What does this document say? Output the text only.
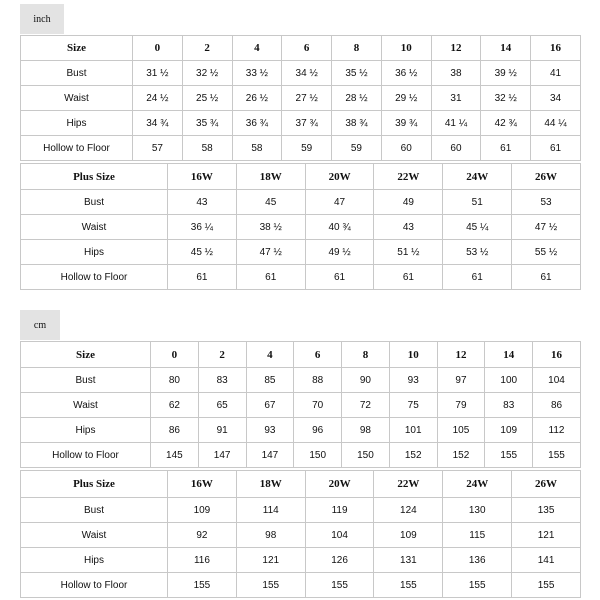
inch
Size	0	2	4	6	8	10	12	14	16
Bust	31 ½	32 ½	33 ½	34 ½	35 ½	36 ½	38	39 ½	41
Waist	24 ½	25 ½	26 ½	27 ½	28 ½	29 ½	31	32 ½	34
Hips	34 ¾	35 ¾	36 ¾	37 ¾	38 ¾	39 ¾	41 ¼	42 ¾	44 ¼
Hollow to Floor	57	58	58	59	59	60	60	61	61
Plus Size	16W	18W	20W	22W	24W	26W
Bust	43	45	47	49	51	53
Waist	36 ¼	38 ½	40 ¾	43	45 ¼	47 ½
Hips	45 ½	47 ½	49 ½	51 ½	53 ½	55 ½
Hollow to Floor	61	61	61	61	61	61
cm
Size	0	2	4	6	8	10	12	14	16
Bust	80	83	85	88	90	93	97	100	104
Waist	62	65	67	70	72	75	79	83	86
Hips	86	91	93	96	98	101	105	109	112
Hollow to Floor	145	147	147	150	150	152	152	155	155
Plus Size	16W	18W	20W	22W	24W	26W
Bust	109	114	119	124	130	135
Waist	92	98	104	109	115	121
Hips	116	121	126	131	136	141
Hollow to Floor	155	155	155	155	155	155
